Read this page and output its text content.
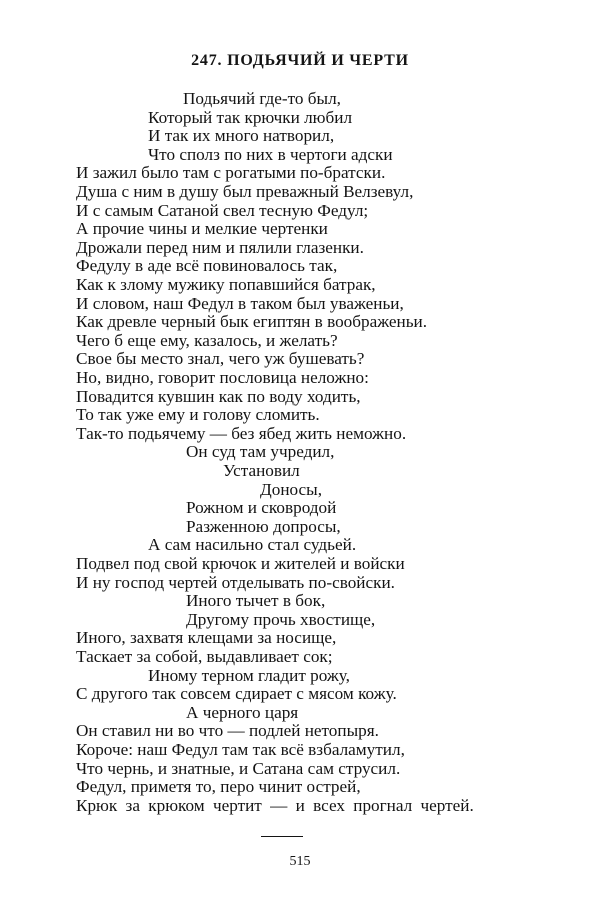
247. ПОДЬЯЧИЙ И ЧЕРТИ
Подьячий где-то был,
Который так крючки любил
И так их много натворил,
Что сполз по них в чертоги адски
И зажил было там с рогатыми по-братски.
Душа с ним в душу был преважный Велзевул,
И с самым Сатаной свел тесную Федул;
А прочие чины и мелкие чертенки
Дрожали перед ним и пялили глазенки.
Федулу в аде всё повиновалось так,
Как к злому мужику попавшийся батрак,
И словом, наш Федул в таком был уваженьи,
Как древле черный бык египтян в воображеньи.
Чего б еще ему, казалось, и желать?
Свое бы место знал, чего уж бушевать?
Но, видно, говорит пословица неложно:
Повадится кувшин как по воду ходить,
То так уже ему и голову сломить.
Так-то подьячему — без ябед жить неможно.
Он суд там учредил,
Установил
Доносы,
Рожном и сковродой
Разженною допросы,
А сам насильно стал судьей.
Подвел под свой крючок и жителей и войски
И ну господ чертей отделывать по-свойски.
Иного тычет в бок,
Другому прочь хвостище,
Иного, захватя клещами за носище,
Таскает за собой, выдавливает сок;
Иному терном гладит рожу,
С другого так совсем сдирает с мясом кожу.
А черного царя
Он ставил ни во что — подлей нетопыря.
Короче: наш Федул там так всё взбаламутил,
Что чернь, и знатные, и Сатана сам струсил.
Федул, приметя то, перо чинит острей,
Крюк за крюком чертит — и всех прогнал чертей.
515
